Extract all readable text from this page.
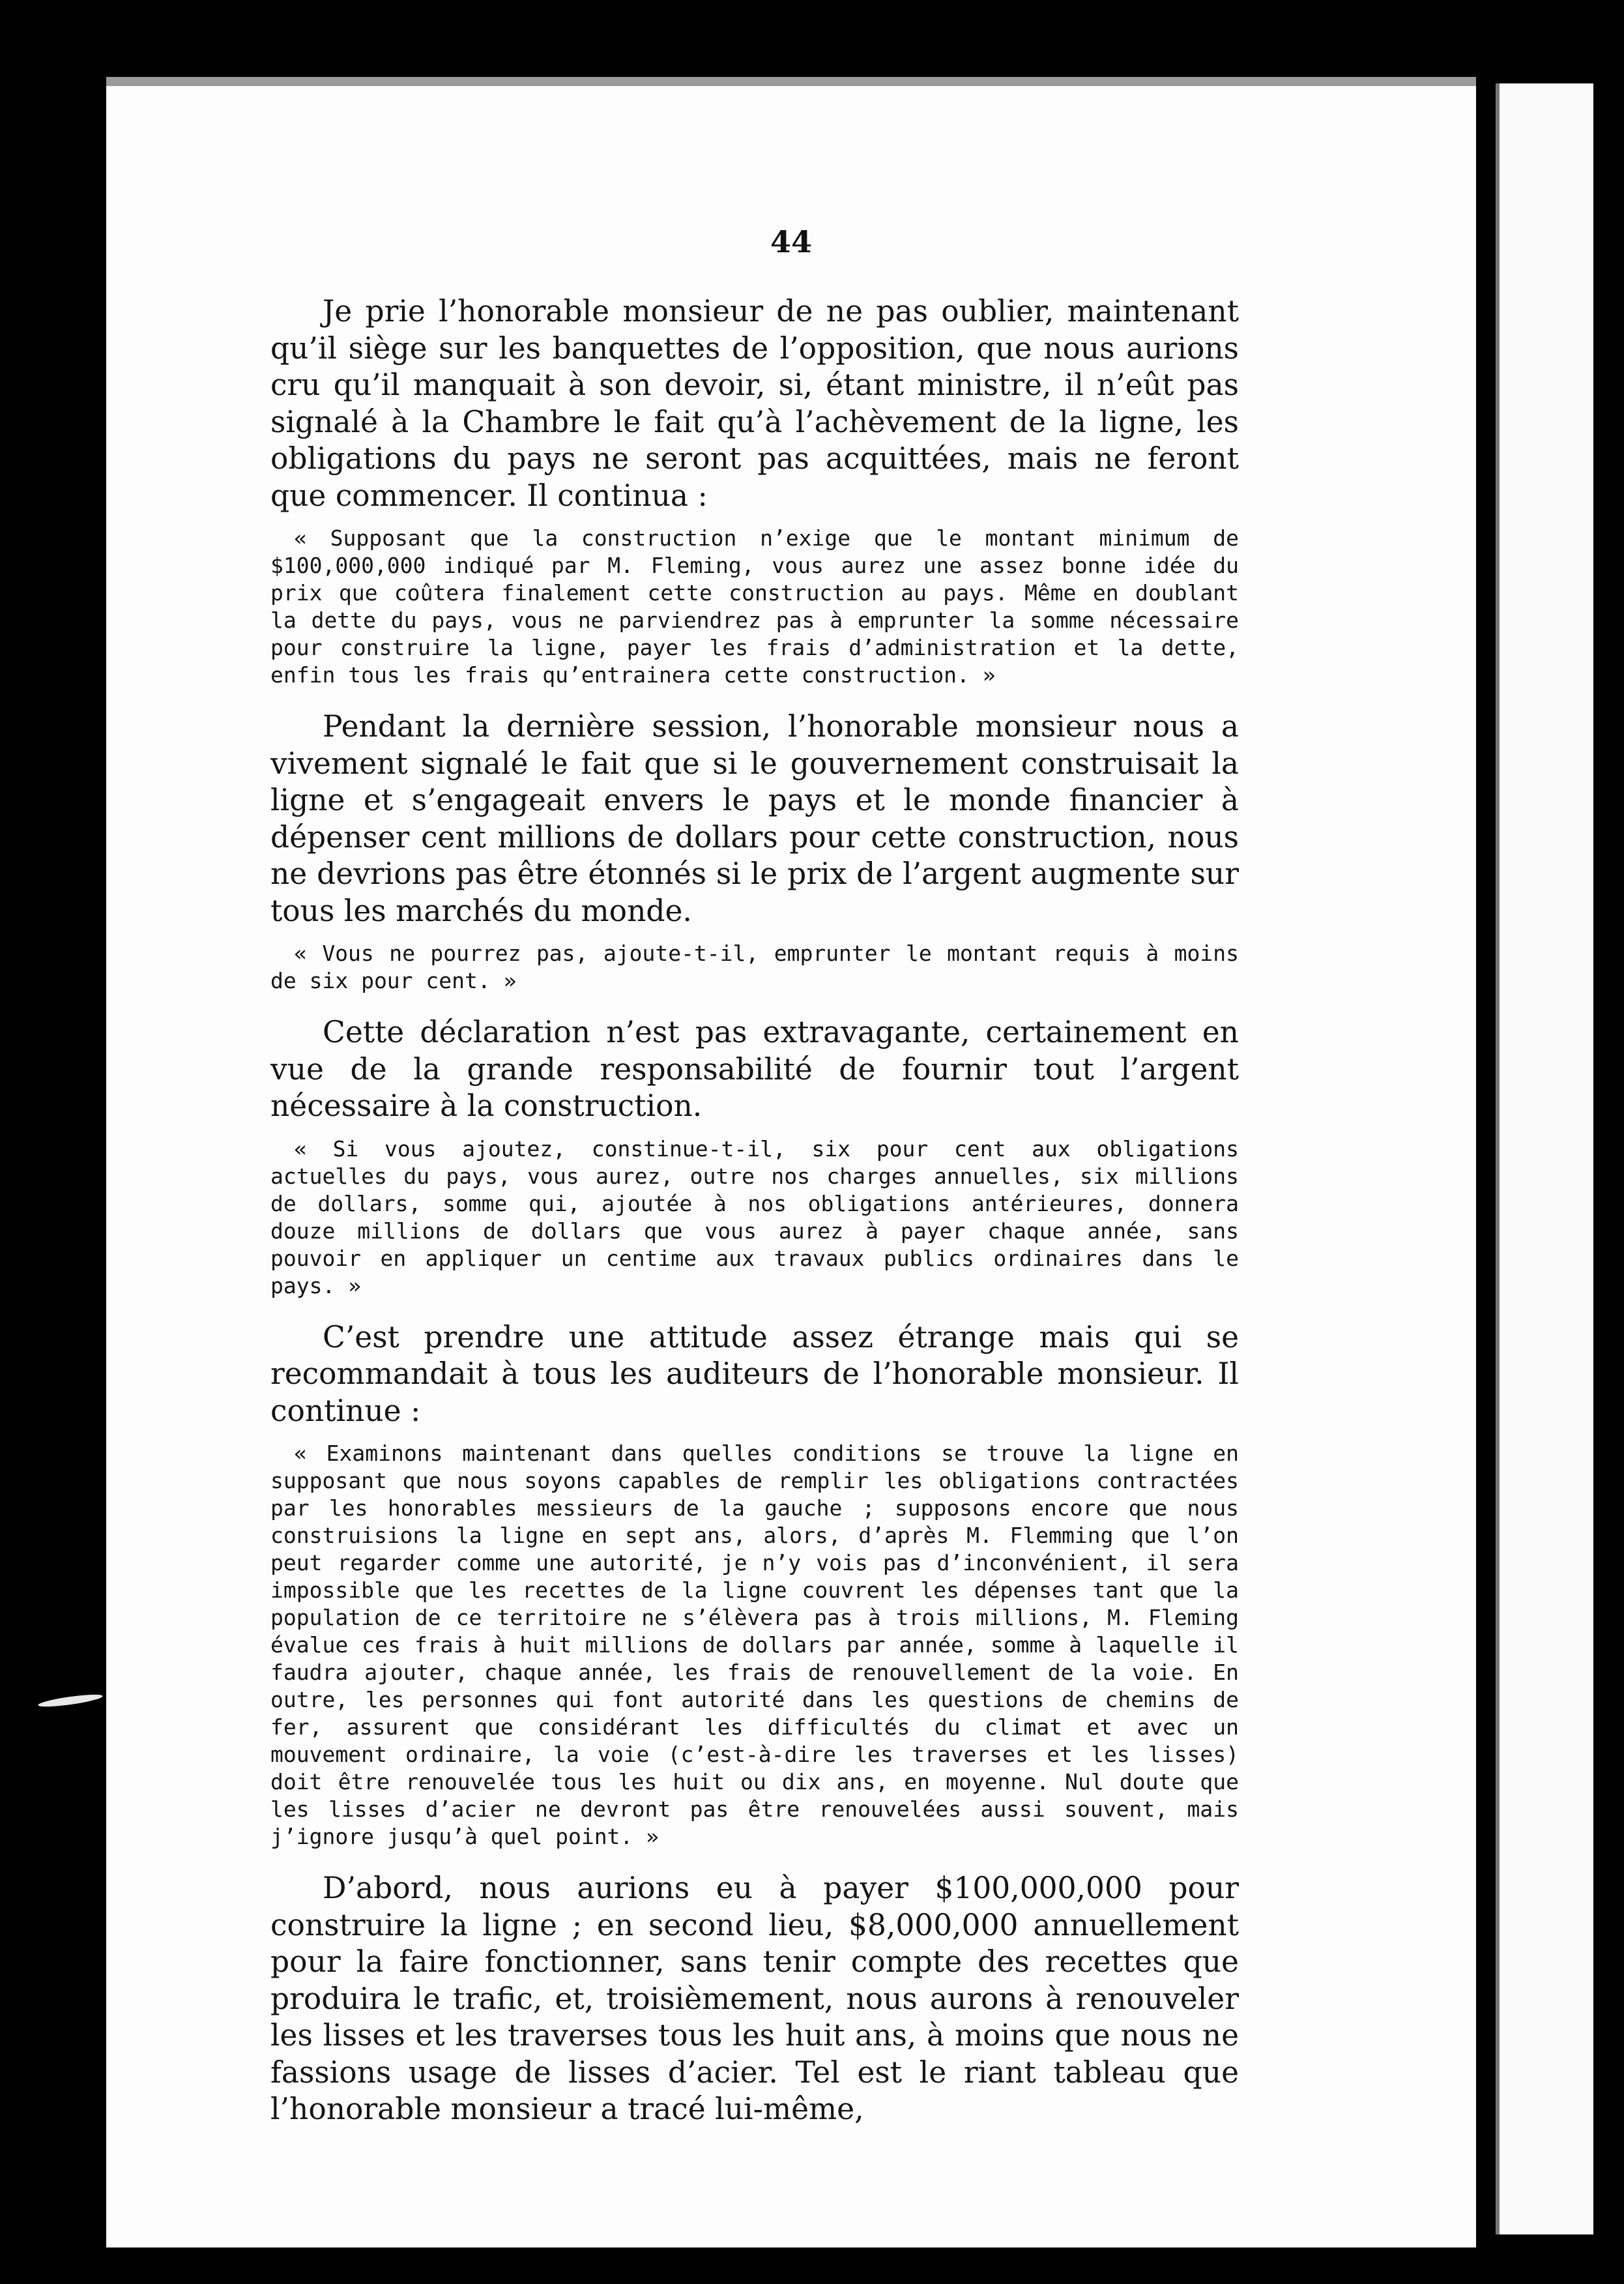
44

Je prie l’honorable monsieur de ne pas oublier, maintenant qu’il siège sur les banquettes de l’opposition, que nous aurions cru qu’il manquait à son devoir, si, étant ministre, il n’eût pas signalé à la Chambre le fait qu’à l’achèvement de la ligne, les obligations du pays ne seront pas acquittées, mais ne feront que commencer. Il continua :

« Supposant que la construction n’exige que le montant minimum de $100,000,000 indiqué par M. Fleming, vous aurez une assez bonne idée du prix que coûtera finalement cette construction au pays. Même en doublant la dette du pays, vous ne parviendrez pas à emprunter la somme nécessaire pour construire la ligne, payer les frais d’administration et la dette, enfin tous les frais qu’entrainera cette construction. »

Pendant la dernière session, l’honorable monsieur nous a vivement signalé le fait que si le gouvernement construisait la ligne et s’engageait envers le pays et le monde financier à dépenser cent millions de dollars pour cette construction, nous ne devrions pas être étonnés si le prix de l’argent augmente sur tous les marchés du monde.

« Vous ne pourrez pas, ajoute-t-il, emprunter le montant requis à moins de six pour cent. »

Cette déclaration n’est pas extravagante, certainement en vue de la grande responsabilité de fournir tout l’argent nécessaire à la construction.

« Si vous ajoutez, constinue-t-il, six pour cent aux obligations actuelles du pays, vous aurez, outre nos charges annuelles, six millions de dollars, somme qui, ajoutée à nos obligations antérieures, donnera douze millions de dollars que vous aurez à payer chaque année, sans pouvoir en appliquer un centime aux travaux publics ordinaires dans le pays. »

C’est prendre une attitude assez étrange mais qui se recommandait à tous les auditeurs de l’honorable monsieur. Il continue :

« Examinons maintenant dans quelles conditions se trouve la ligne en supposant que nous soyons capables de remplir les obligations contractées par les honorables messieurs de la gauche ; supposons encore que nous construisions la ligne en sept ans, alors, d’après M. Flemming que l’on peut regarder comme une autorité, je n’y vois pas d’inconvénient, il sera impossible que les recettes de la ligne couvrent les dépenses tant que la population de ce territoire ne s’élèvera pas à trois millions, M. Fleming évalue ces frais à huit millions de dollars par année, somme à laquelle il faudra ajouter, chaque année, les frais de renouvellement de la voie. En outre, les personnes qui font autorité dans les questions de chemins de fer, assurent que considérant les difficultés du climat et avec un mouvement ordinaire, la voie (c’est-à-dire les traverses et les lisses) doit être renouvelée tous les huit ou dix ans, en moyenne. Nul doute que les lisses d’acier ne devront pas être renouvelées aussi souvent, mais j’ignore jusqu’à quel point. »

D’abord, nous aurions eu à payer $100,000,000 pour construire la ligne ; en second lieu, $8,000,000 annuellement pour la faire fonctionner, sans tenir compte des recettes que produira le trafic, et, troisièmement, nous aurons à renouveler les lisses et les traverses tous les huit ans, à moins que nous ne fassions usage de lisses d’acier. Tel est le riant tableau que l’honorable monsieur a tracé lui-même,
